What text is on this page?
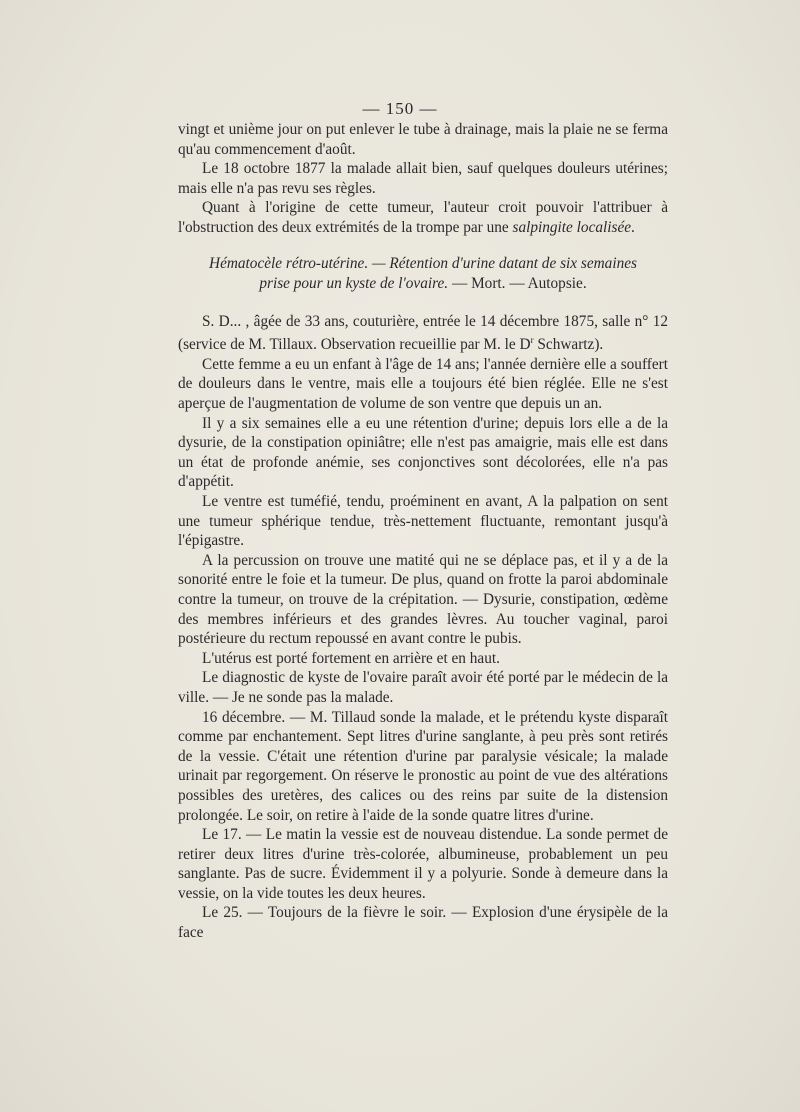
— 150 —

vingt et unième jour on put enlever le tube à drainage, mais la plaie ne se ferma qu'au commencement d'août.

Le 18 octobre 1877 la malade allait bien, sauf quelques douleurs utérines; mais elle n'a pas revu ses règles.

Quant à l'origine de cette tumeur, l'auteur croit pouvoir l'attribuer à l'obstruction des deux extrémités de la trompe par une salpingite localisée.

Hématocèle rétro-utérine. — Rétention d'urine datant de six semaines
prise pour un kyste de l'ovaire. — Mort. — Autopsie.

S. D... , âgée de 33 ans, couturière, entrée le 14 décembre 1875, salle n° 12 (service de M. Tillaux. Observation recueillie par M. le $D^r$ Schwartz).

Cette femme a eu un enfant à l'âge de 14 ans; l'année dernière elle a souffert de douleurs dans le ventre, mais elle a toujours été bien réglée. Elle ne s'est aperçue de l'augmentation de volume de son ventre que depuis un an.

Il y a six semaines elle a eu une rétention d'urine; depuis lors elle a de la dysurie, de la constipation opiniâtre; elle n'est pas amaigrie, mais elle est dans un état de profonde anémie, ses conjonctives sont décolorées, elle n'a pas d'appétit.

Le ventre est tuméfié, tendu, proéminent en avant, A la palpation on sent une tumeur sphérique tendue, très-nettement fluctuante, remontant jusqu'à l'épigastre.

A la percussion on trouve une matité qui ne se déplace pas, et il y a de la sonorité entre le foie et la tumeur. De plus, quand on frotte la paroi abdominale contre la tumeur, on trouve de la crépitation. — Dysurie, constipation, œdème des membres inférieurs et des grandes lèvres. Au toucher vaginal, paroi postérieure du rectum repoussé en avant contre le pubis.

L'utérus est porté fortement en arrière et en haut.

Le diagnostic de kyste de l'ovaire paraît avoir été porté par le médecin de la ville. — Je ne sonde pas la malade.

16 décembre. — M. Tillaud sonde la malade, et le prétendu kyste disparaît comme par enchantement. Sept litres d'urine sanglante, à peu près sont retirés de la vessie. C'était une rétention d'urine par paralysie vésicale; la malade urinait par regorgement. On réserve le pronostic au point de vue des altérations possibles des uretères, des calices ou des reins par suite de la distension prolongée. Le soir, on retire à l'aide de la sonde quatre litres d'urine.

Le 17. — Le matin la vessie est de nouveau distendue. La sonde permet de retirer deux litres d'urine très-colorée, albumineuse, probablement un peu sanglante. Pas de sucre. Évidemment il y a polyurie. Sonde à demeure dans la vessie, on la vide toutes les deux heures.

Le 25. — Toujours de la fièvre le soir. — Explosion d'une érysipèle de la face
